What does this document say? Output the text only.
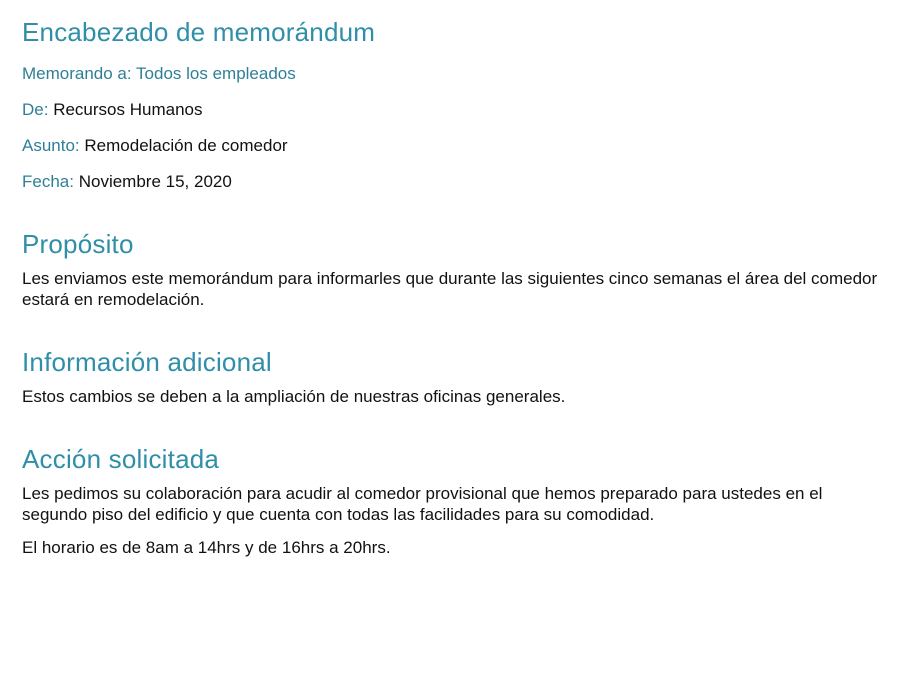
Encabezado de memorándum

Memorando a: Todos los empleados

De: Recursos Humanos

Asunto: Remodelación de comedor

Fecha: Noviembre 15, 2020

Propósito

Les enviamos este memorándum para informarles que durante las siguientes cinco semanas el área del comedor estará en remodelación.

Información adicional

Estos cambios se deben a la ampliación de nuestras oficinas generales.

Acción solicitada

Les pedimos su colaboración para acudir al comedor provisional que hemos preparado para ustedes en el segundo piso del edificio y que cuenta con todas las facilidades para su comodidad.

El horario es de 8am a 14hrs y de 16hrs a 20hrs.
